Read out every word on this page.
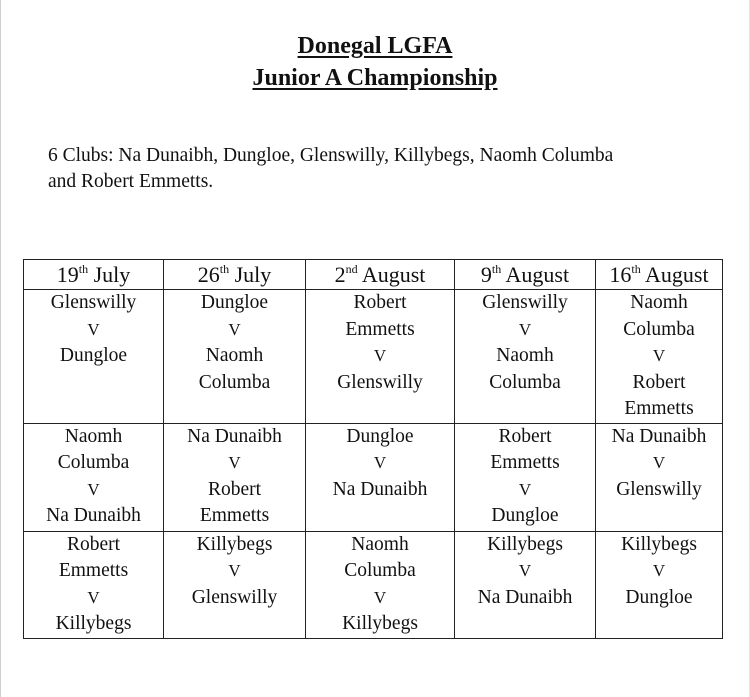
Donegal LGFA
Junior A Championship
6 Clubs: Na Dunaibh, Dungloe, Glenswilly, Killybegs, Naomh Columba
and Robert Emmetts.
19th July	26th July	2nd August	9th August	16th August

Glenswilly
V
Dungloe	Dungloe
V
Naomh
Columba	Robert
Emmetts
V
Glenswilly	Glenswilly
V
Naomh
Columba	Naomh
Columba
V
Robert
Emmetts

Naomh
Columba
V
Na Dunaibh	Na Dunaibh
V
Robert
Emmetts	Dungloe
V
Na Dunaibh	Robert
Emmetts
V
Dungloe	Na Dunaibh
V
Glenswilly

Robert
Emmetts
V
Killybegs	Killybegs
V
Glenswilly	Naomh
Columba
V
Killybegs	Killybegs
V
Na Dunaibh	Killybegs
V
Dungloe
